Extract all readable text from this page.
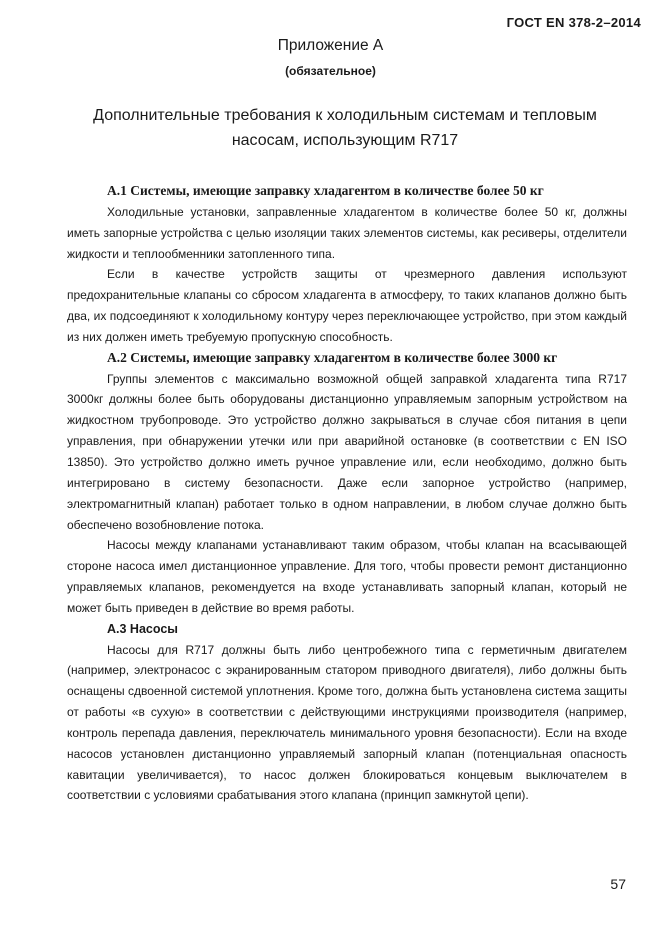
ГОСТ EN 378-2–2014
Приложение А
(обязательное)
Дополнительные требования к холодильным системам и тепловым насосам, использующим R717
А.1 Системы, имеющие заправку хладагентом в количестве более 50 кг

Холодильные установки, заправленные хладагентом в количестве более 50 кг, должны иметь запорные устройства с целью изоляции таких элементов системы, как ресиверы, отделители жидкости и теплообменники затопленного типа.

Если в качестве устройств защиты от чрезмерного давления используют предохранительные клапаны со сбросом хладагента в атмосферу, то таких клапанов должно быть два, их подсоединяют к холодильному контуру через переключающее устройство, при этом каждый из них должен иметь требуемую пропускную способность.

А.2 Системы, имеющие заправку хладагентом в количестве более 3000 кг

Группы элементов с максимально возможной общей заправкой хладагента типа R717 3000кг должны более быть оборудованы дистанционно управляемым запорным устройством на жидкостном трубопроводе. Это устройство должно закрываться в случае сбоя питания в цепи управления, при обнаружении утечки или при аварийной остановке (в соответствии с EN ISO 13850). Это устройство должно иметь ручное управление или, если необходимо, должно быть интегрировано в систему безопасности. Даже если запорное устройство (например, электромагнитный клапан) работает только в одном направлении, в любом случае должно быть обеспечено возобновление потока.

Насосы между клапанами устанавливают таким образом, чтобы клапан на всасывающей стороне насоса имел дистанционное управление. Для того, чтобы провести ремонт дистанционно управляемых клапанов, рекомендуется на входе устанавливать запорный клапан, который не может быть приведен в действие во время работы.

А.3 Насосы

Насосы для R717 должны быть либо центробежного типа с герметичным двигателем (например, электронасос с экранированным статором приводного двигателя), либо должны быть оснащены сдвоенной системой уплотнения. Кроме того, должна быть установлена система защиты от работы «в сухую» в соответствии с действующими инструкциями производителя (например, контроль перепада давления, переключатель минимального уровня безопасности). Если на входе насосов установлен дистанционно управляемый запорный клапан (потенциальная опасность кавитации увеличивается), то насос должен блокироваться концевым выключателем в соответствии с условиями срабатывания этого клапана (принцип замкнутой цепи).

57
